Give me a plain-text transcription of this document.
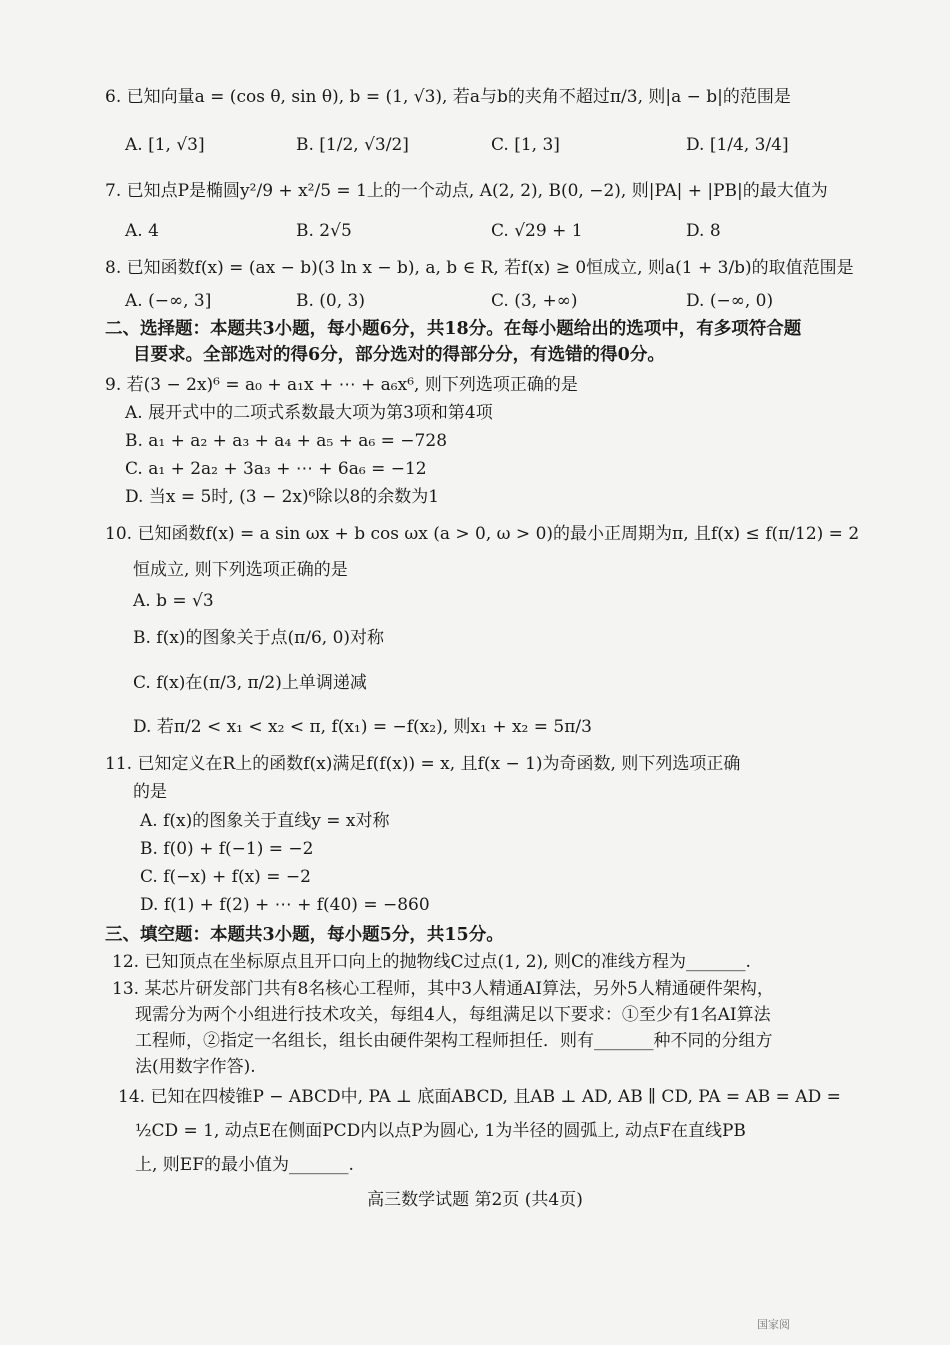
6. 已知向量a = (cos θ, sin θ), b = (1, √3), 若a与b的夹角不超过π/3, 则|a − b|的范围是
A. [1, √3]	B. [1/2, √3/2]	C. [1, 3]	D. [1/4, 3/4]
7. 已知点P是椭圆y²/9 + x²/5 = 1上的一个动点, A(2, 2), B(0, −2), 则|PA| + |PB|的最大值为
A. 4	B. 2√5	C. √29 + 1	D. 8
8. 已知函数f(x) = (ax − b)(3 ln x − b), a, b ∈ R, 若f(x) ≥ 0恒成立, 则a(1 + 3/b)的取值范围是
A. (−∞, 3]	B. (0, 3)	C. (3, +∞)	D. (−∞, 0)
二、选择题：本题共3小题，每小题6分，共18分。在每小题给出的选项中，有多项符合题
目要求。全部选对的得6分，部分选对的得部分分，有选错的得0分。
9. 若(3 − 2x)⁶ = a₀ + a₁x + ⋯ + a₆x⁶, 则下列选项正确的是
A. 展开式中的二项式系数最大项为第3项和第4项
B. a₁ + a₂ + a₃ + a₄ + a₅ + a₆ = −728
C. a₁ + 2a₂ + 3a₃ + ⋯ + 6a₆ = −12
D. 当x = 5时, (3 − 2x)⁶除以8的余数为1
10. 已知函数f(x) = a sin ωx + b cos ωx (a > 0, ω > 0)的最小正周期为π, 且f(x) ≤ f(π/12) = 2
恒成立, 则下列选项正确的是
A. b = √3
B. f(x)的图象关于点(π/6, 0)对称
C. f(x)在(π/3, π/2)上单调递减
D. 若π/2 < x₁ < x₂ < π, f(x₁) = −f(x₂), 则x₁ + x₂ = 5π/3
11. 已知定义在R上的函数f(x)满足f(f(x)) = x, 且f(x − 1)为奇函数, 则下列选项正确
的是
A. f(x)的图象关于直线y = x对称
B. f(0) + f(−1) = −2
C. f(−x) + f(x) = −2
D. f(1) + f(2) + ⋯ + f(40) = −860
三、填空题：本题共3小题，每小题5分，共15分。
12. 已知顶点在坐标原点且开口向上的抛物线C过点(1, 2), 则C的准线方程为_______.
13. 某芯片研发部门共有8名核心工程师，其中3人精通AI算法，另外5人精通硬件架构，
现需分为两个小组进行技术攻关，每组4人，每组满足以下要求：①至少有1名AI算法
工程师，②指定一名组长，组长由硬件架构工程师担任．则有_______种不同的分组方
法(用数字作答).
14. 已知在四棱锥P − ABCD中, PA ⊥ 底面ABCD, 且AB ⊥ AD, AB ∥ CD, PA = AB = AD =
½CD = 1, 动点E在侧面PCD内以点P为圆心, 1为半径的圆弧上, 动点F在直线PB
上, 则EF的最小值为_______.
高三数学试题 第2页 (共4页)
国家阅
